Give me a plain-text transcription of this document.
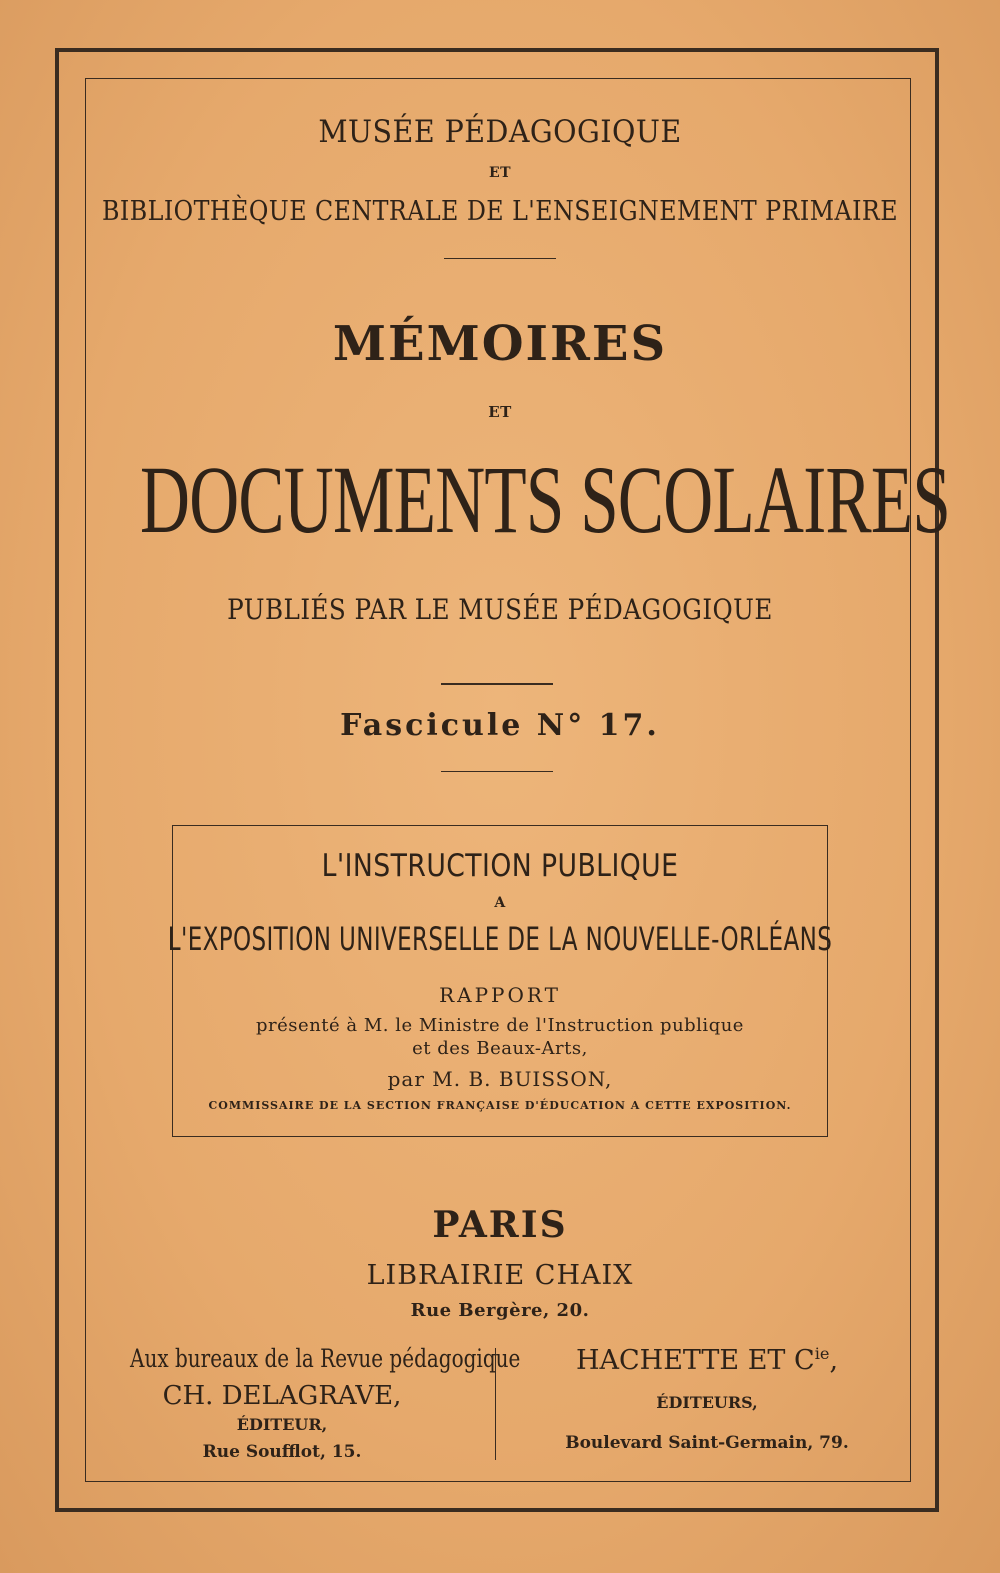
MUSÉE PÉDAGOGIQUE
ET
BIBLIOTHÈQUE CENTRALE DE L'ENSEIGNEMENT PRIMAIRE
MÉMOIRES
ET
DOCUMENTS SCOLAIRES
PUBLIÉS PAR LE MUSÉE PÉDAGOGIQUE
Fascicule N° 17.
L'INSTRUCTION PUBLIQUE
A
L'EXPOSITION UNIVERSELLE DE LA NOUVELLE-ORLÉANS
RAPPORT
présenté à M. le Ministre de l'Instruction publique
et des Beaux-Arts,
par M. B. BUISSON,
COMMISSAIRE DE LA SECTION FRANÇAISE D'ÉDUCATION A CETTE EXPOSITION.
PARIS
LIBRAIRIE CHAIX
Rue Bergère, 20.
Aux bureaux de la Revue pédagogique
CH. DELAGRAVE,
ÉDITEUR,
Rue Soufflot, 15.
HACHETTE ET $C^{ie}$,
ÉDITEURS,
Boulevard Saint-Germain, 79.
